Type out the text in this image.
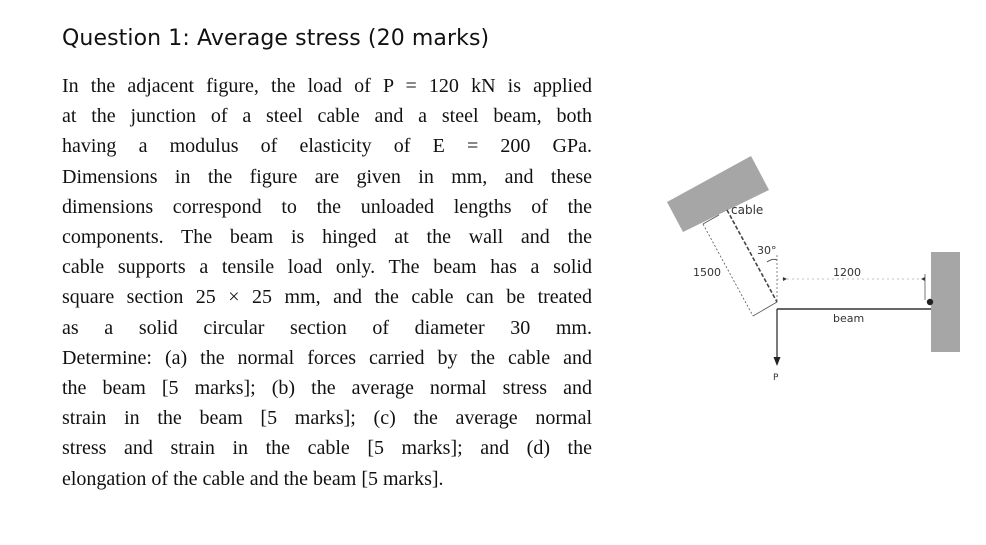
Question 1: Average stress (20 marks)
In the adjacent figure, the load of P = 120 kN is applied
at the junction of a steel cable and a steel beam, both
having a modulus of elasticity of E = 200 GPa.
Dimensions in the figure are given in mm, and these
dimensions correspond to the unloaded lengths of the
components. The beam is hinged at the wall and the
cable supports a tensile load only. The beam has a solid
square section 25 × 25 mm, and the cable can be treated
as a solid circular section of diameter 30 mm.
Determine: (a) the normal forces carried by the cable and
the beam [5 marks]; (b) the average normal stress and
strain in the beam [5 marks]; (c) the average normal
stress and strain in the cable [5 marks]; and (d) the
elongation of the cable and the beam [5 marks].
cable
30°
1500	1200
beam
P
